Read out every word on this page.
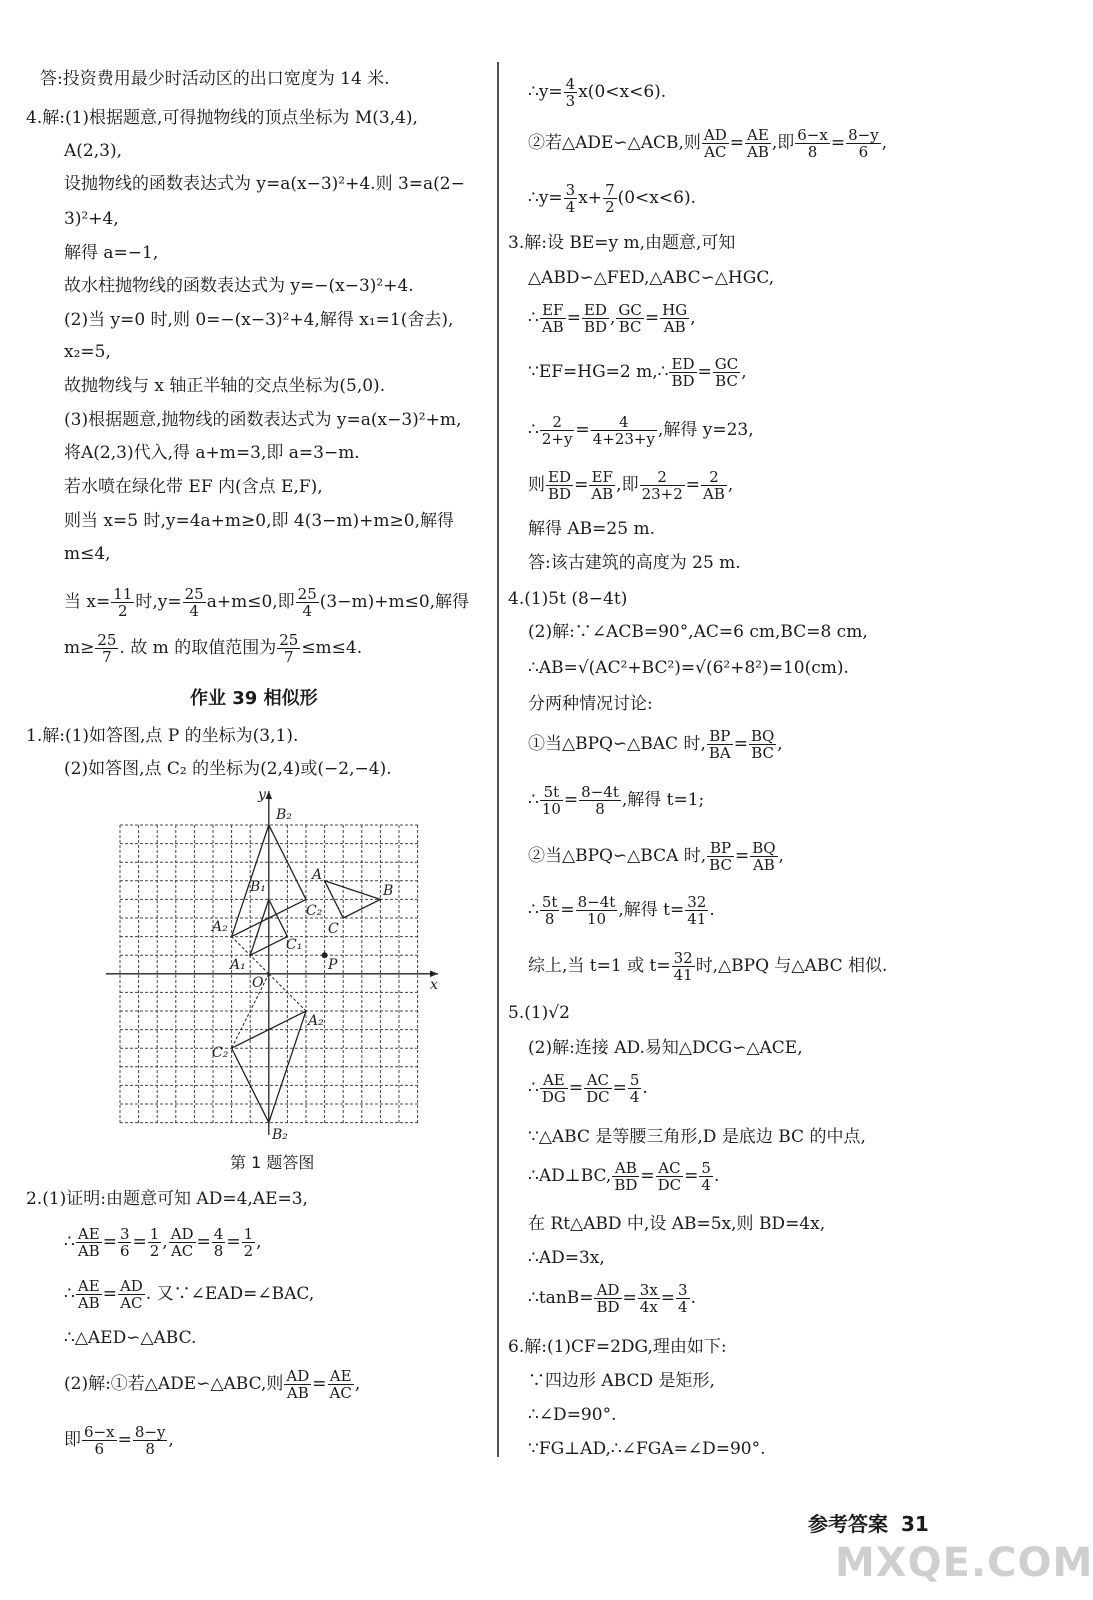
答:投资费用最少时活动区的出口宽度为 14 米.
4.解:(1)根据题意,可得抛物线的顶点坐标为 M(3,4),
A(2,3),
设抛物线的函数表达式为 y=a(x−3)²+4.则 3=a(2−
3)²+4,
解得 a=−1,
故水柱抛物线的函数表达式为 y=−(x−3)²+4.
(2)当 y=0 时,则 0=−(x−3)²+4,解得 x₁=1(舍去),
x₂=5,
故抛物线与 x 轴正半轴的交点坐标为(5,0).
(3)根据题意,抛物线的函数表达式为 y=a(x−3)²+m,
将A(2,3)代入,得 a+m=3,即 a=3−m.
若水喷在绿化带 EF 内(含点 E,F),
则当 x=5 时,y=4a+m≥0,即 4(3−m)+m≥0,解得
m≤4,
当 $x= \frac{11}{2}$ 时$,y= \frac{25}{4} a+m\le 0$,即 $\frac{25}{4} (3-m)+m\le 0$,解得
$m\ge \frac{25}{7}$ . 故 m 的取值范围为 $\frac{25}{7} \le m\le 4$.
作业 39 相似形
1.解:(1)如答图,点 P 的坐标为(3,1).
(2)如答图,点 C₂ 的坐标为(2,4)或(−2,−4).
第 1 题答图
2.(1)证明:由题意可知 AD=4,AE=3,
∴ $\frac{AE}{AB} = \frac{3}{6} = \frac{1}{2}$ , $\frac{AD}{AC} = \frac{4}{8} = \frac{1}{2}$ ,
∴ $\frac{AE}{AB} = \frac{AD}{AC}$ . 又∵∠EAD=∠BAC,
∴△AED∽△ABC.
(2)解:①若△ADE∽△ABC,则 $\frac{AD}{AB} = \frac{AE}{AC}$ ,
即 $\frac{6-x}{6} = \frac{8-y}{8}$ ,
y
x
O
P
B₂
B₂
B
A
C
B₁
A₁
C₁
A₂
A₂
C₂
C₂
∴y= $\frac{4}{3} x(0<x<6)$.
②若△ADE∽△ACB,则 $\frac{AD}{AC} = \frac{AE}{AB}$ ,即 $\frac{6-x}{8} = \frac{8-y}{6}$ ,
∴y= $\frac{3}{4} x+ \frac{7}{2} (0<x<6)$.
3.解:设 BE=y m,由题意,可知
△ABD∽△FED,△ABC∽△HGC,
∴ $\frac{EF}{AB} = \frac{ED}{BD}$ , $\frac{GC}{BC} = \frac{HG}{AB}$ ,
∵EF=HG=2 m,∴ $\frac{ED}{BD} = \frac{GC}{BC}$ ,
∴ $\frac{2}{2+y} = \frac{4}{4+23+y}$ ,解得 y=23,
则 $\frac{ED}{BD} = \frac{EF}{AB}$ ,即 $\frac{2}{23+2} = \frac{2}{AB}$ ,
解得 AB=25 m.
答:该古建筑的高度为 25 m.
4.(1)5t (8−4t)
(2)解:∵∠ACB=90°,AC=6 cm,BC=8 cm,
∴AB=√(AC²+BC²)=√(6²+8²)=10(cm).
分两种情况讨论:
①当△BPQ∽△BAC 时, $\frac{BP}{BA} = \frac{BQ}{BC}$ ,
∴ $\frac{5t}{10} = \frac{8-4t}{8}$ ,解得 t=1;
②当△BPQ∽△BCA 时, $\frac{BP}{BC} = \frac{BQ}{AB}$ ,
∴ $\frac{5t}{8} = \frac{8-4t}{10}$ ,解得 $t= \frac{32}{41}$ .
综上,当 t=1 或 $t= \frac{32}{41}$ 时,△BPQ 与△ABC 相似.
5.(1)√2
(2)解:连接 AD.易知△DCG∽△ACE,
∴ $\frac{AE}{DG} = \frac{AC}{DC} = \frac{5}{4}$ .
∵△ABC 是等腰三角形,D 是底边 BC 的中点,
∴AD⊥BC, $\frac{AB}{BD} = \frac{AC}{DC} = \frac{5}{4}$ .
在 Rt△ABD 中,设 AB=5x,则 BD=4x,
∴AD=3x,
∴tanB= $\frac{AD}{BD} = \frac{3x}{4x} = \frac{3}{4}$ .
6.解:(1)CF=2DG,理由如下:
∵四边形 ABCD 是矩形,
∴∠D=90°.
∵FG⊥AD,∴∠FGA=∠D=90°.
参考答案 31
MXQE.COM
